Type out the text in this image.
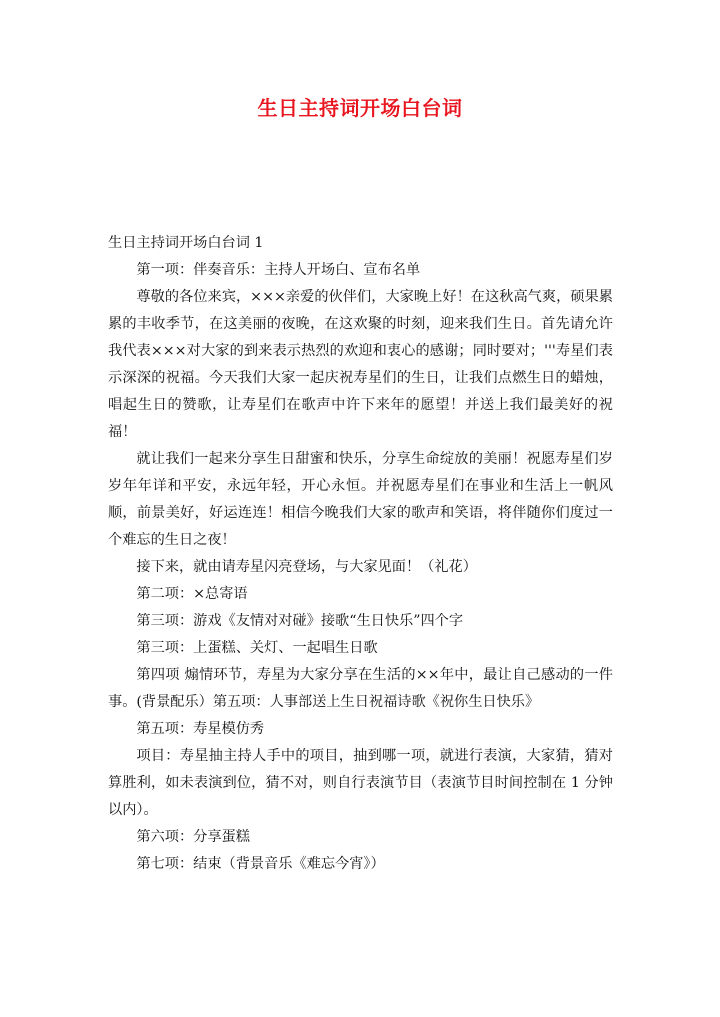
生日主持词开场白台词

生日主持词开场白台词 1

第一项：伴奏音乐：主持人开场白、宣布名单

尊敬的各位来宾，×××亲爱的伙伴们，大家晚上好！在这秋高气爽，硕果累累的丰收季节，在这美丽的夜晚，在这欢聚的时刻，迎来我们生日。首先请允许我代表×××对大家的到来表示热烈的欢迎和衷心的感谢；同时要对；'''寿星们表示深深的祝福。今天我们大家一起庆祝寿星们的生日，让我们点燃生日的蜡烛，唱起生日的赞歌，让寿星们在歌声中许下来年的愿望！并送上我们最美好的祝福！

就让我们一起来分享生日甜蜜和快乐，分享生命绽放的美丽！祝愿寿星们岁岁年年详和平安，永远年轻，开心永恒。并祝愿寿星们在事业和生活上一帆风顺，前景美好，好运连连！相信今晚我们大家的歌声和笑语，将伴随你们度过一个难忘的生日之夜！

接下来，就由请寿星闪亮登场，与大家见面！（礼花）

第二项：×总寄语

第三项：游戏《友情对对碰》接歌“生日快乐”四个字

第三项：上蛋糕、关灯、一起唱生日歌

第四项 煽情环节，寿星为大家分享在生活的××年中，最让自己感动的一件事。(背景配乐）第五项：人事部送上生日祝福诗歌《祝你生日快乐》

第五项：寿星模仿秀

项目：寿星抽主持人手中的项目，抽到哪一项，就进行表演，大家猜，猜对算胜利，如未表演到位，猜不对，则自行表演节目（表演节目时间控制在 1 分钟以内）。

第六项：分享蛋糕

第七项：结束（背景音乐《难忘今宵》）
